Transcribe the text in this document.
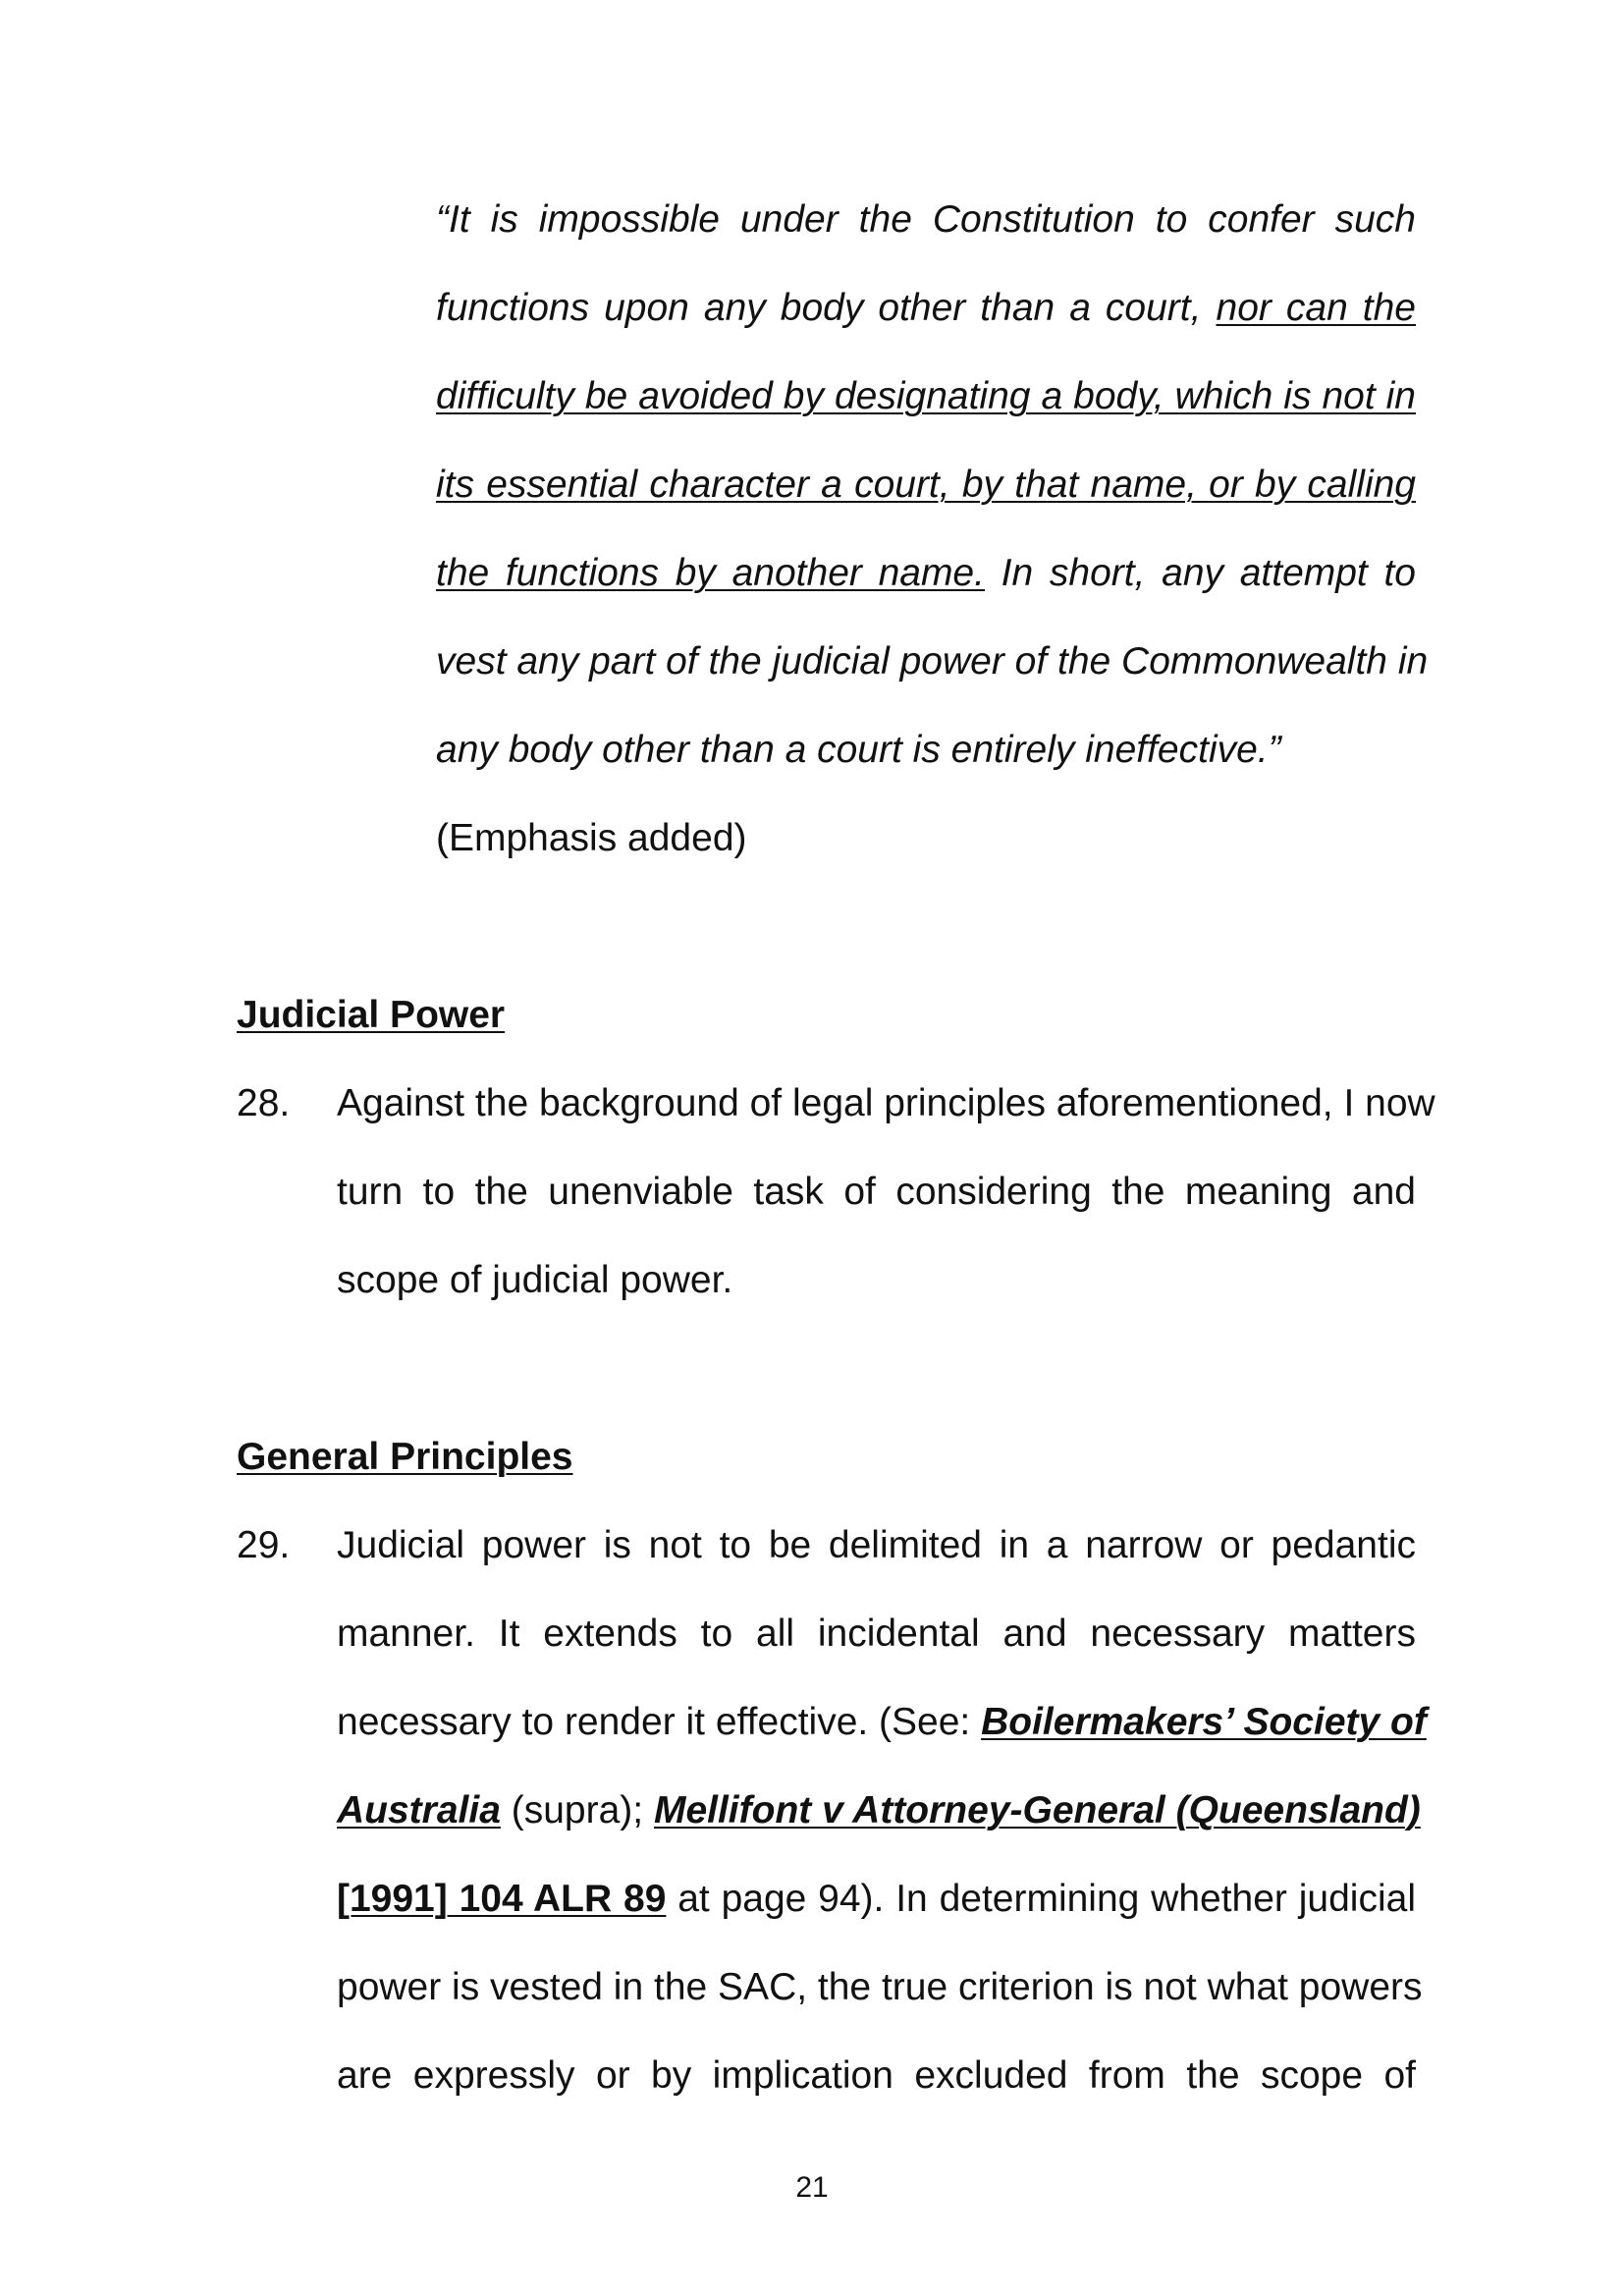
“It is impossible under the Constitution to confer such
functions upon any body other than a court, nor can the
difficulty be avoided by designating a body, which is not in
its essential character a court, by that name, or by calling
the functions by another name. In short, any attempt to
vest any part of the judicial power of the Commonwealth in
any body other than a court is entirely ineffective.”
(Emphasis added)
Judicial Power
28. Against the background of legal principles aforementioned, I now
turn to the unenviable task of considering the meaning and
scope of judicial power.
General Principles
29. Judicial power is not to be delimited in a narrow or pedantic
manner. It extends to all incidental and necessary matters
necessary to render it effective. (See: Boilermakers’ Society of
Australia (supra); Mellifont v Attorney-General (Queensland)
[1991] 104 ALR 89 at page 94). In determining whether judicial
power is vested in the SAC, the true criterion is not what powers
are expressly or by implication excluded from the scope of
21
